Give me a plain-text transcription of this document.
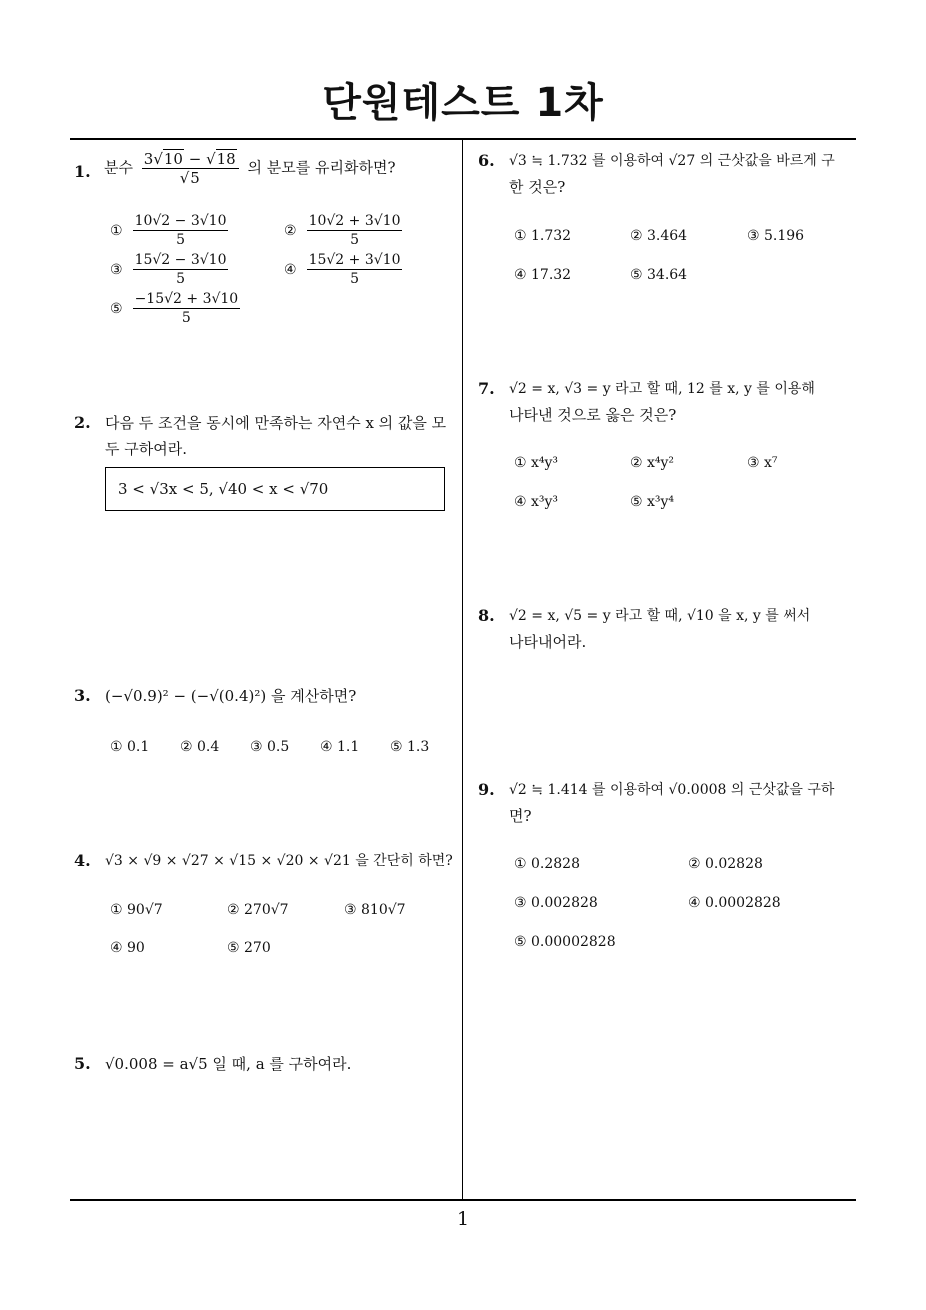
단원테스트 1차
1
1. 분수 $\frac{3√10 - √18}{√5}$ 의 분모를 유리화하면?
① $\frac{10√2 - 3√10}{5}$	② $\frac{10√2 + 3√10}{5}$
③ $\frac{15√2 - 3√10}{5}$	④ $\frac{15√2 + 3√10}{5}$
⑤ $\frac{-15√2 + 3√10}{5}$
2. 다음 두 조건을 동시에 만족하는 자연수 x 의 값을 모
두 구하여라.
3 < √3x < 5, √40 < x < √70
3. (−√0.9)² − (−√(0.4)²) 을 계산하면?
① 0.1 ② 0.4 ③ 0.5 ④ 1.1 ⑤ 1.3
4. √3 × √9 × √27 × √15 × √20 × √21 을 간단히 하면?
① 90√7	② 270√7	③ 810√7
④ 90	⑤ 270
5. √0.008 = a√5 일 때, a 를 구하여라.
6. √3 ≒ 1.732 를 이용하여 √27 의 근삿값을 바르게 구
한 것은?
① 1.732	② 3.464	③ 5.196
④ 17.32	⑤ 34.64
7. √2 = x, √3 = y 라고 할 때, 12 를 x, y 를 이용해
나타낸 것으로 옳은 것은?
① x⁴y³	② x⁴y²	③ x⁷
④ x³y³	⑤ x³y⁴
8. √2 = x, √5 = y 라고 할 때, √10 을 x, y 를 써서
나타내어라.
9. √2 ≒ 1.414 를 이용하여 √0.0008 의 근삿값을 구하
면?
① 0.2828	② 0.02828
③ 0.002828	④ 0.0002828
⑤ 0.00002828
